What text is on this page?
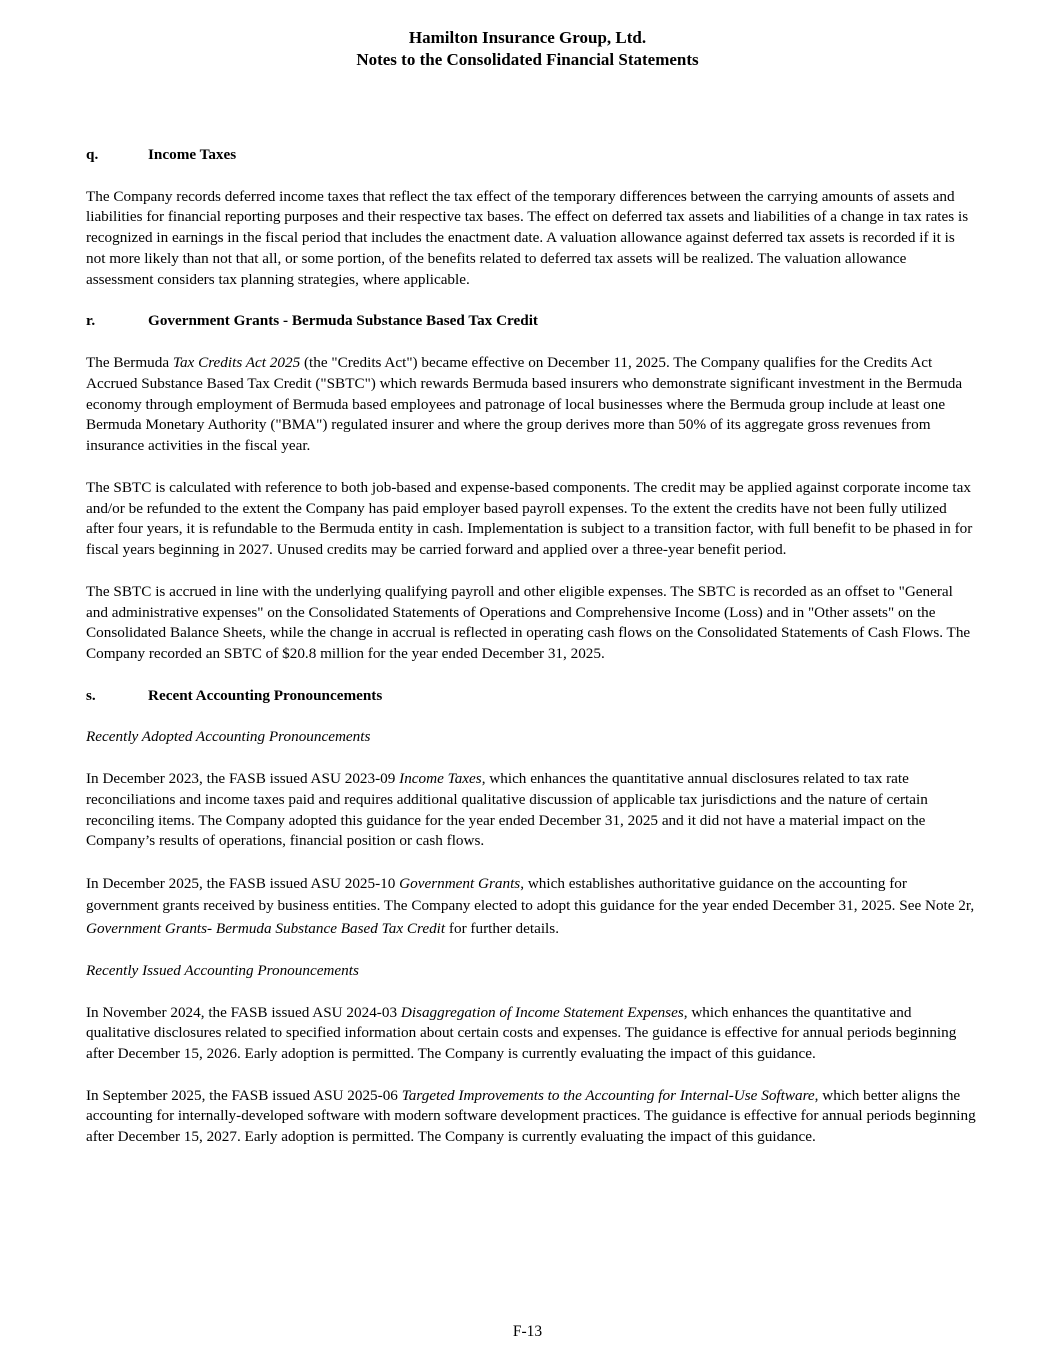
Hamilton Insurance Group, Ltd.
Notes to the Consolidated Financial Statements
q.	Income Taxes

The Company records deferred income taxes that reflect the tax effect of the temporary differences between the carrying amounts of assets and liabilities for financial reporting purposes and their respective tax bases. The effect on deferred tax assets and liabilities of a change in tax rates is recognized in earnings in the fiscal period that includes the enactment date. A valuation allowance against deferred tax assets is recorded if it is not more likely than not that all, or some portion, of the benefits related to deferred tax assets will be realized. The valuation allowance assessment considers tax planning strategies, where applicable.

r.	Government Grants - Bermuda Substance Based Tax Credit

The Bermuda Tax Credits Act 2025 (the "Credits Act") became effective on December 11, 2025. The Company qualifies for the Credits Act Accrued Substance Based Tax Credit ("SBTC") which rewards Bermuda based insurers who demonstrate significant investment in the Bermuda economy through employment of Bermuda based employees and patronage of local businesses where the Bermuda group include at least one Bermuda Monetary Authority ("BMA") regulated insurer and where the group derives more than 50% of its aggregate gross revenues from insurance activities in the fiscal year.

The SBTC is calculated with reference to both job-based and expense-based components. The credit may be applied against corporate income tax and/or be refunded to the extent the Company has paid employer based payroll expenses. To the extent the credits have not been fully utilized after four years, it is refundable to the Bermuda entity in cash. Implementation is subject to a transition factor, with full benefit to be phased in for fiscal years beginning in 2027. Unused credits may be carried forward and applied over a three-year benefit period.

The SBTC is accrued in line with the underlying qualifying payroll and other eligible expenses. The SBTC is recorded as an offset to "General and administrative expenses" on the Consolidated Statements of Operations and Comprehensive Income (Loss) and in "Other assets" on the Consolidated Balance Sheets, while the change in accrual is reflected in operating cash flows on the Consolidated Statements of Cash Flows. The Company recorded an SBTC of $20.8 million for the year ended December 31, 2025.

s.	Recent Accounting Pronouncements

Recently Adopted Accounting Pronouncements

In December 2023, the FASB issued ASU 2023-09 Income Taxes, which enhances the quantitative annual disclosures related to tax rate reconciliations and income taxes paid and requires additional qualitative discussion of applicable tax jurisdictions and the nature of certain reconciling items. The Company adopted this guidance for the year ended December 31, 2025 and it did not have a material impact on the Company’s results of operations, financial position or cash flows.

In December 2025, the FASB issued ASU 2025-10 Government Grants, which establishes authoritative guidance on the accounting for government grants received by business entities. The Company elected to adopt this guidance for the year ended December 31, 2025. See Note 2r, Government Grants- Bermuda Substance Based Tax Credit for further details.

Recently Issued Accounting Pronouncements

In November 2024, the FASB issued ASU 2024-03 Disaggregation of Income Statement Expenses, which enhances the quantitative and qualitative disclosures related to specified information about certain costs and expenses. The guidance is effective for annual periods beginning after December 15, 2026. Early adoption is permitted. The Company is currently evaluating the impact of this guidance.

In September 2025, the FASB issued ASU 2025-06 Targeted Improvements to the Accounting for Internal-Use Software, which better aligns the accounting for internally-developed software with modern software development practices. The guidance is effective for annual periods beginning after December 15, 2027. Early adoption is permitted. The Company is currently evaluating the impact of this guidance.

F-13
